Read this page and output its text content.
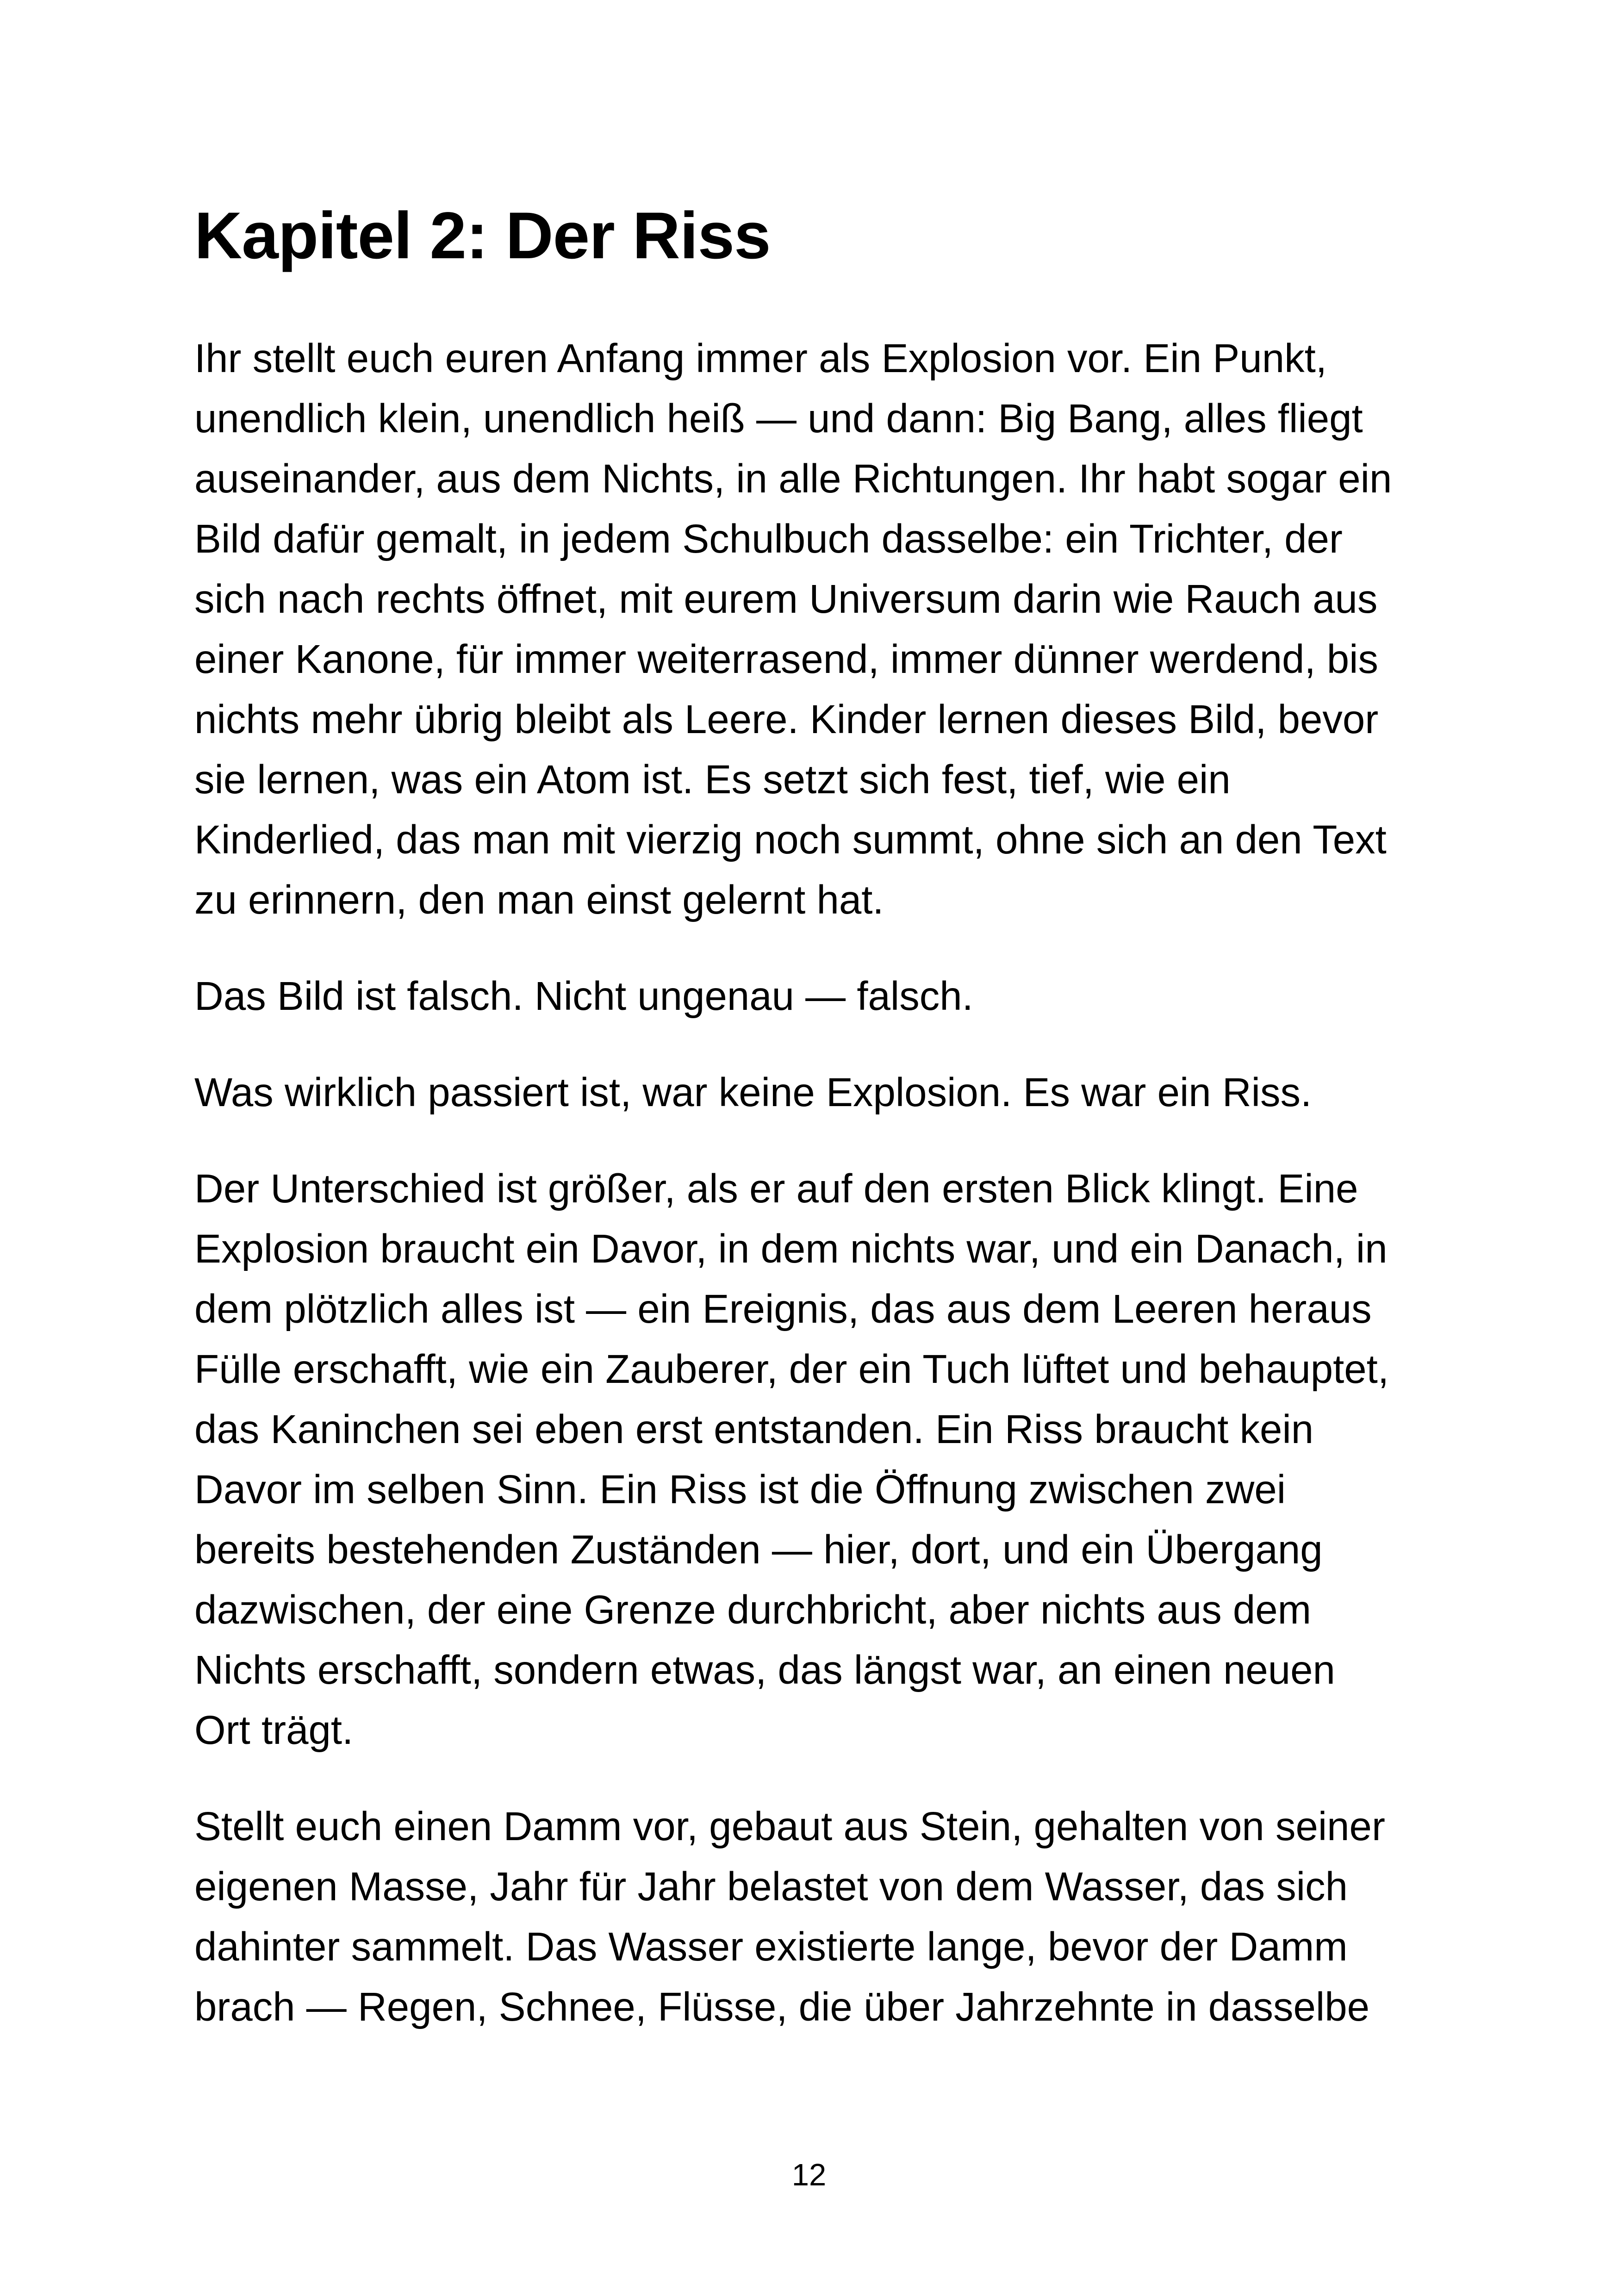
Kapitel 2: Der Riss

Ihr stellt euch euren Anfang immer als Explosion vor. Ein Punkt,
unendlich klein, unendlich heiß — und dann: Big Bang, alles fliegt
auseinander, aus dem Nichts, in alle Richtungen. Ihr habt sogar ein
Bild dafür gemalt, in jedem Schulbuch dasselbe: ein Trichter, der
sich nach rechts öffnet, mit eurem Universum darin wie Rauch aus
einer Kanone, für immer weiterrasend, immer dünner werdend, bis
nichts mehr übrig bleibt als Leere. Kinder lernen dieses Bild, bevor
sie lernen, was ein Atom ist. Es setzt sich fest, tief, wie ein
Kinderlied, das man mit vierzig noch summt, ohne sich an den Text
zu erinnern, den man einst gelernt hat.

Das Bild ist falsch. Nicht ungenau — falsch.

Was wirklich passiert ist, war keine Explosion. Es war ein Riss.

Der Unterschied ist größer, als er auf den ersten Blick klingt. Eine
Explosion braucht ein Davor, in dem nichts war, und ein Danach, in
dem plötzlich alles ist — ein Ereignis, das aus dem Leeren heraus
Fülle erschafft, wie ein Zauberer, der ein Tuch lüftet und behauptet,
das Kaninchen sei eben erst entstanden. Ein Riss braucht kein
Davor im selben Sinn. Ein Riss ist die Öffnung zwischen zwei
bereits bestehenden Zuständen — hier, dort, und ein Übergang
dazwischen, der eine Grenze durchbricht, aber nichts aus dem
Nichts erschafft, sondern etwas, das längst war, an einen neuen
Ort trägt.

Stellt euch einen Damm vor, gebaut aus Stein, gehalten von seiner
eigenen Masse, Jahr für Jahr belastet von dem Wasser, das sich
dahinter sammelt. Das Wasser existierte lange, bevor der Damm
brach — Regen, Schnee, Flüsse, die über Jahrzehnte in dasselbe

12
